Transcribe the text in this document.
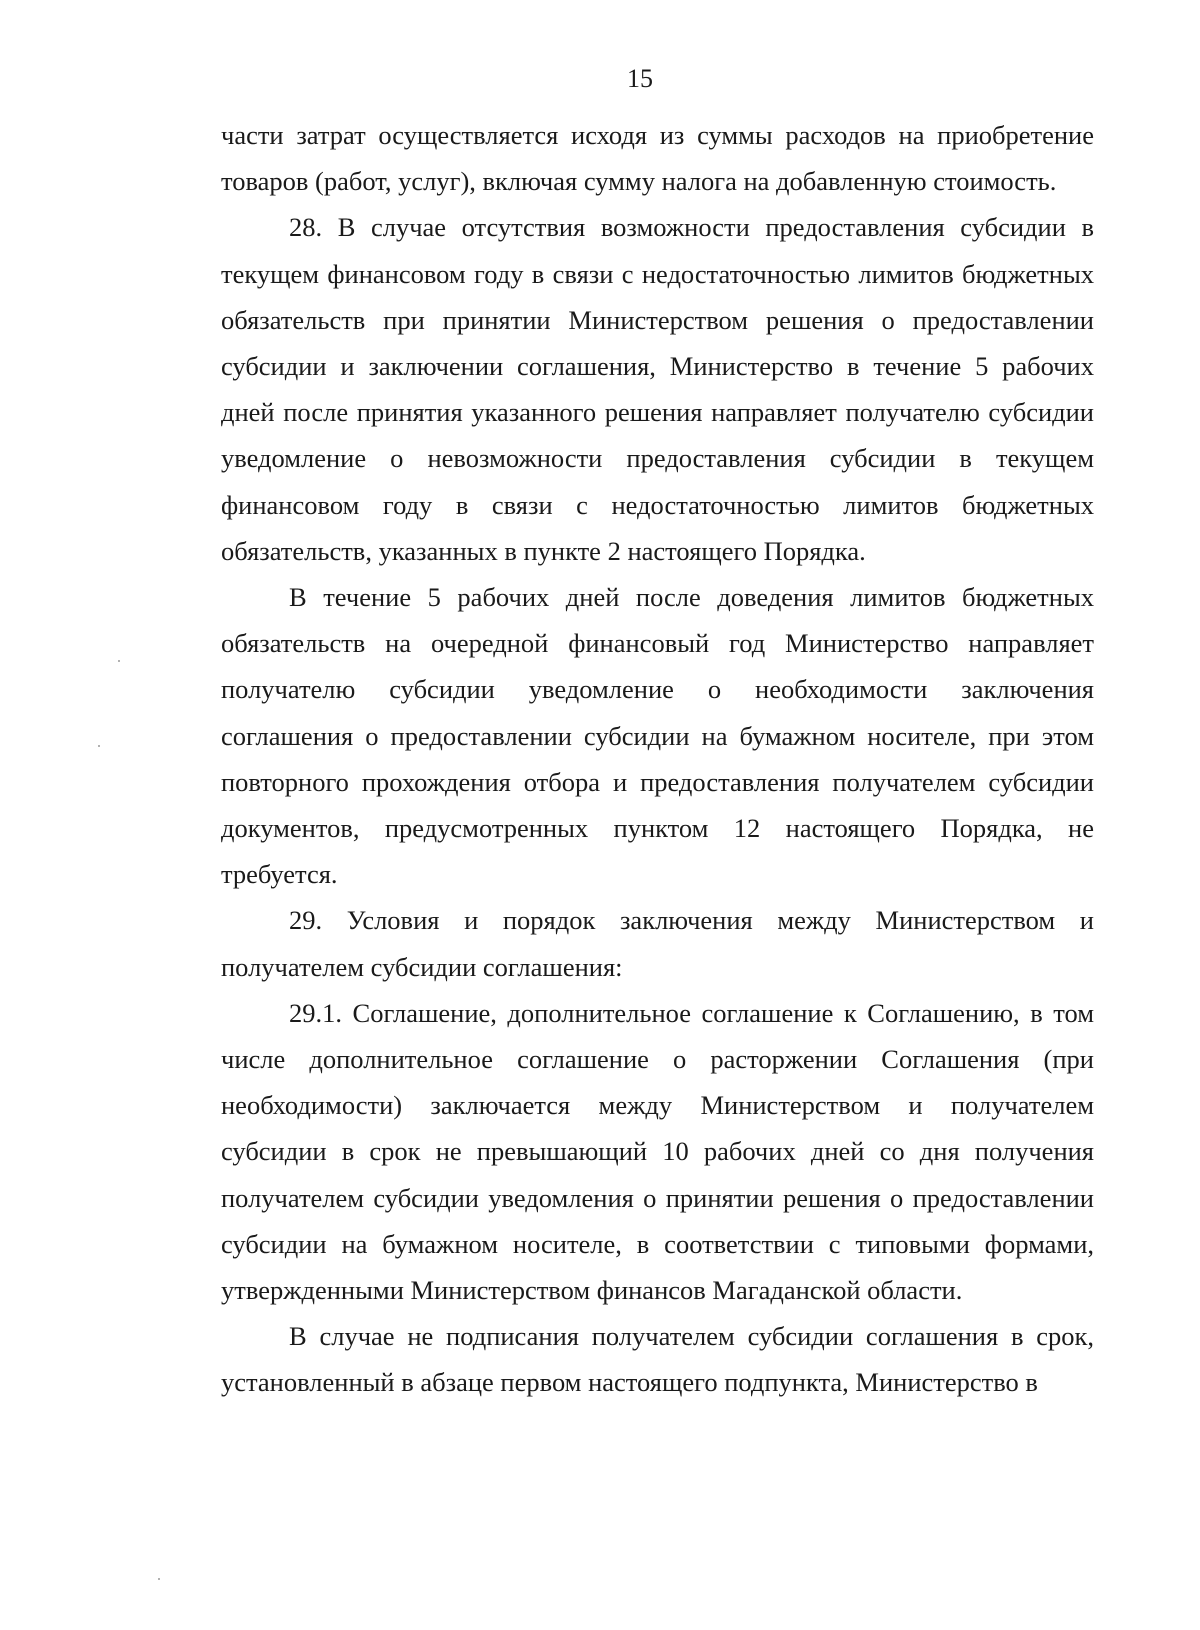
15

части затрат осуществляется исходя из суммы расходов на приобретение товаров (работ, услуг), включая сумму налога на добавленную стоимость.

28. В случае отсутствия возможности предоставления субсидии в текущем финансовом году в связи с недостаточностью лимитов бюджетных обязательств при принятии Министерством решения о предоставлении субсидии и заключении соглашения, Министерство в течение 5 рабочих дней после принятия указанного решения направляет получателю субсидии уведомление о невозможности предоставления субсидии в текущем финансовом году в связи с недостаточностью лимитов бюджетных обязательств, указанных в пункте 2 настоящего Порядка.

В течение 5 рабочих дней после доведения лимитов бюджетных обязательств на очередной финансовый год Министерство направляет получателю субсидии уведомление о необходимости заключения соглашения о предоставлении субсидии на бумажном носителе, при этом повторного прохождения отбора и предоставления получателем субсидии документов, предусмотренных пунктом 12 настоящего Порядка, не требуется.

29. Условия и порядок заключения между Министерством и получателем субсидии соглашения:

29.1. Соглашение, дополнительное соглашение к Соглашению, в том числе дополнительное соглашение о расторжении Соглашения (при необходимости) заключается между Министерством и получателем субсидии в срок не превышающий 10 рабочих дней со дня получения получателем субсидии уведомления о принятии решения о предоставлении субсидии на бумажном носителе, в соответствии с типовыми формами, утвержденными Министерством финансов Магаданской области.

В случае не подписания получателем субсидии соглашения в срок, установленный в абзаце первом настоящего подпункта, Министерство в
